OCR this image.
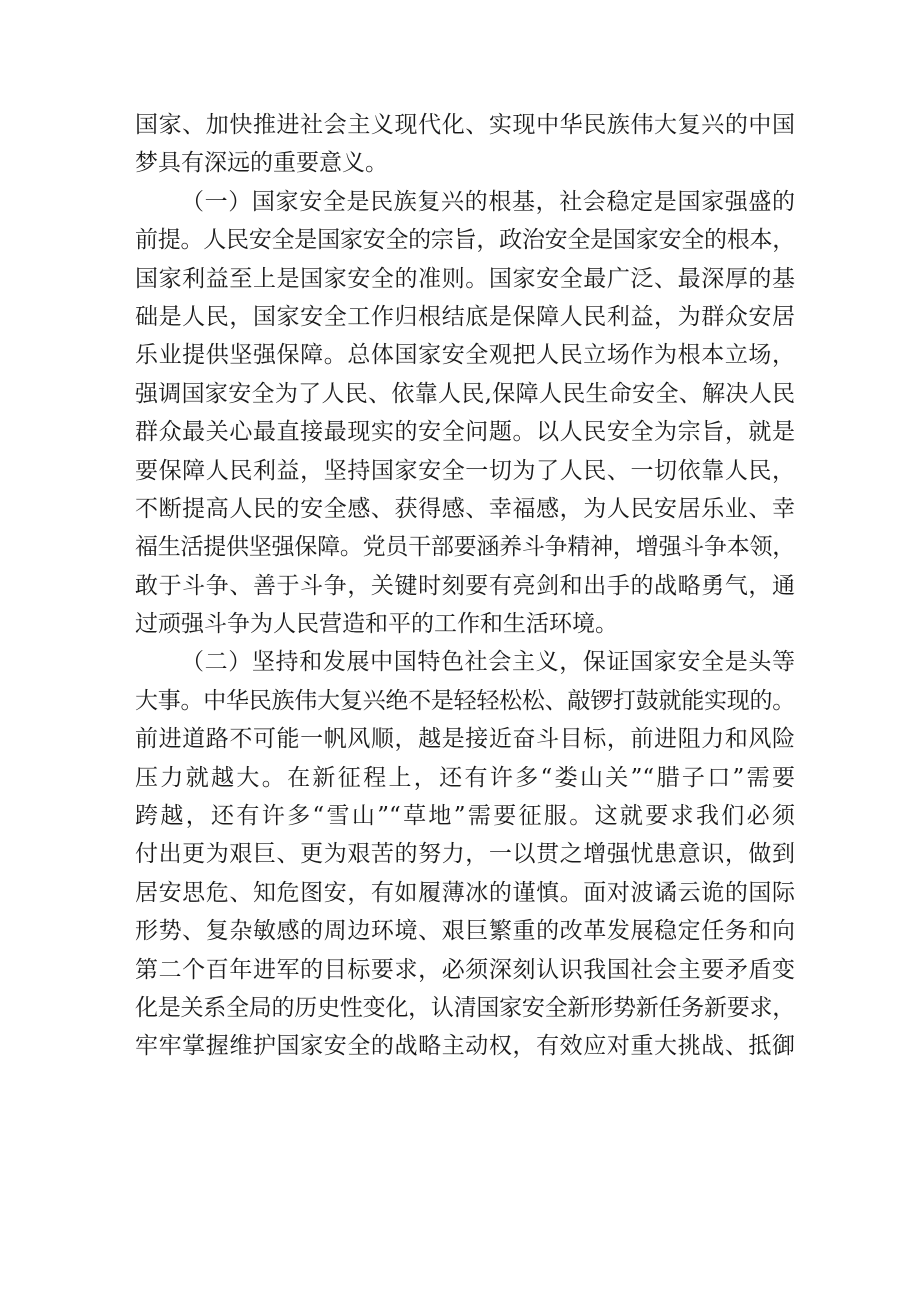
国家、加快推进社会主义现代化、实现中华民族伟大复兴的中国
梦具有深远的重要意义。
（一）国家安全是民族复兴的根基，社会稳定是国家强盛的
前提。人民安全是国家安全的宗旨，政治安全是国家安全的根本，
国家利益至上是国家安全的准则。国家安全最广泛、最深厚的基
础是人民，国家安全工作归根结底是保障人民利益，为群众安居
乐业提供坚强保障。总体国家安全观把人民立场作为根本立场，
强调国家安全为了人民、依靠人民,保障人民生命安全、解决人民
群众最关心最直接最现实的安全问题。以人民安全为宗旨，就是
要保障人民利益，坚持国家安全一切为了人民、一切依靠人民，
不断提高人民的安全感、获得感、幸福感，为人民安居乐业、幸
福生活提供坚强保障。党员干部要涵养斗争精神，增强斗争本领，
敢于斗争、善于斗争，关键时刻要有亮剑和出手的战略勇气，通
过顽强斗争为人民营造和平的工作和生活环境。
（二）坚持和发展中国特色社会主义，保证国家安全是头等
大事。中华民族伟大复兴绝不是轻轻松松、敲锣打鼓就能实现的。
前进道路不可能一帆风顺，越是接近奋斗目标，前进阻力和风险
压力就越大。在新征程上，还有许多“娄山关”“腊子口”需要
跨越，还有许多“雪山”“草地”需要征服。这就要求我们必须
付出更为艰巨、更为艰苦的努力，一以贯之增强忧患意识，做到
居安思危、知危图安，有如履薄冰的谨慎。面对波谲云诡的国际
形势、复杂敏感的周边环境、艰巨繁重的改革发展稳定任务和向
第二个百年进军的目标要求，必须深刻认识我国社会主要矛盾变
化是关系全局的历史性变化，认清国家安全新形势新任务新要求，
牢牢掌握维护国家安全的战略主动权，有效应对重大挑战、抵御
